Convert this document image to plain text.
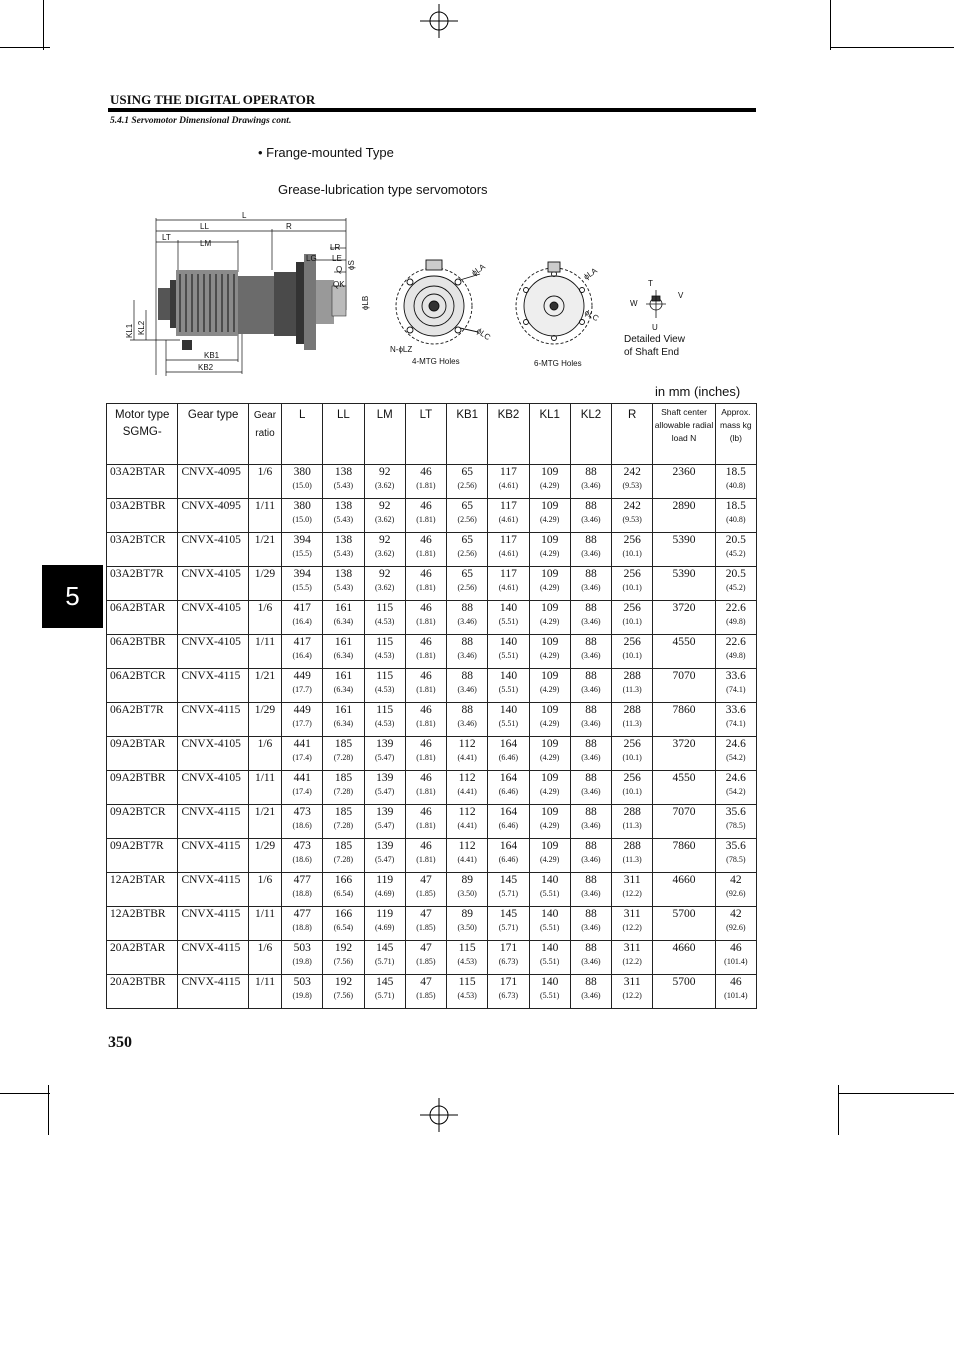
USING THE DIGITAL OPERATOR
5.4.1 Servomotor Dimensional Drawings cont.
• Frange-mounted Type
Grease-lubrication type servomotors
L
LL	R
LT
LM
LG
LR
LE
Q
QK
ϕS
ϕLB
KL1 KL2
KB1
KB2
ϕLA
ϕLC
N-ϕLZ
4-MTG Holes
ϕLA
ϕLC
6-MTG Holes
T
W
U
V
Detailed View
of Shaft End
in mm (inches)
5
Motor type SGMG-	Gear type	Gear ratio	L	LL	LM	LT	KB1	KB2	KL1	KL2	R	Shaft center allowable radial load N	Approx. mass kg (lb)
03A2BTAR	CNVX-4095	1/6	380
(15.0)	138
(5.43)	92
(3.62)	46
(1.81)	65
(2.56)	117
(4.61)	109
(4.29)	88
(3.46)	242
(9.53)	2360	18.5
(40.8)

03A2BTBR	CNVX-4095	1/11	380
(15.0)	138
(5.43)	92
(3.62)	46
(1.81)	65
(2.56)	117
(4.61)	109
(4.29)	88
(3.46)	242
(9.53)	2890	18.5
(40.8)

03A2BTCR	CNVX-4105	1/21	394
(15.5)	138
(5.43)	92
(3.62)	46
(1.81)	65
(2.56)	117
(4.61)	109
(4.29)	88
(3.46)	256
(10.1)	5390	20.5
(45.2)

03A2BT7R	CNVX-4105	1/29	394
(15.5)	138
(5.43)	92
(3.62)	46
(1.81)	65
(2.56)	117
(4.61)	109
(4.29)	88
(3.46)	256
(10.1)	5390	20.5
(45.2)

06A2BTAR	CNVX-4105	1/6	417
(16.4)	161
(6.34)	115
(4.53)	46
(1.81)	88
(3.46)	140
(5.51)	109
(4.29)	88
(3.46)	256
(10.1)	3720	22.6
(49.8)

06A2BTBR	CNVX-4105	1/11	417
(16.4)	161
(6.34)	115
(4.53)	46
(1.81)	88
(3.46)	140
(5.51)	109
(4.29)	88
(3.46)	256
(10.1)	4550	22.6
(49.8)

06A2BTCR	CNVX-4115	1/21	449
(17.7)	161
(6.34)	115
(4.53)	46
(1.81)	88
(3.46)	140
(5.51)	109
(4.29)	88
(3.46)	288
(11.3)	7070	33.6
(74.1)

06A2BT7R	CNVX-4115	1/29	449
(17.7)	161
(6.34)	115
(4.53)	46
(1.81)	88
(3.46)	140
(5.51)	109
(4.29)	88
(3.46)	288
(11.3)	7860	33.6
(74.1)

09A2BTAR	CNVX-4105	1/6	441
(17.4)	185
(7.28)	139
(5.47)	46
(1.81)	112
(4.41)	164
(6.46)	109
(4.29)	88
(3.46)	256
(10.1)	3720	24.6
(54.2)

09A2BTBR	CNVX-4105	1/11	441
(17.4)	185
(7.28)	139
(5.47)	46
(1.81)	112
(4.41)	164
(6.46)	109
(4.29)	88
(3.46)	256
(10.1)	4550	24.6
(54.2)

09A2BTCR	CNVX-4115	1/21	473
(18.6)	185
(7.28)	139
(5.47)	46
(1.81)	112
(4.41)	164
(6.46)	109
(4.29)	88
(3.46)	288
(11.3)	7070	35.6
(78.5)

09A2BT7R	CNVX-4115	1/29	473
(18.6)	185
(7.28)	139
(5.47)	46
(1.81)	112
(4.41)	164
(6.46)	109
(4.29)	88
(3.46)	288
(11.3)	7860	35.6
(78.5)

12A2BTAR	CNVX-4115	1/6	477
(18.8)	166
(6.54)	119
(4.69)	47
(1.85)	89
(3.50)	145
(5.71)	140
(5.51)	88
(3.46)	311
(12.2)	4660	42
(92.6)

12A2BTBR	CNVX-4115	1/11	477
(18.8)	166
(6.54)	119
(4.69)	47
(1.85)	89
(3.50)	145
(5.71)	140
(5.51)	88
(3.46)	311
(12.2)	5700	42
(92.6)

20A2BTAR	CNVX-4115	1/6	503
(19.8)	192
(7.56)	145
(5.71)	47
(1.85)	115
(4.53)	171
(6.73)	140
(5.51)	88
(3.46)	311
(12.2)	4660	46
(101.4)

20A2BTBR	CNVX-4115	1/11	503
(19.8)	192
(7.56)	145
(5.71)	47
(1.85)	115
(4.53)	171
(6.73)	140
(5.51)	88
(3.46)	311
(12.2)	5700	46
(101.4)
350
